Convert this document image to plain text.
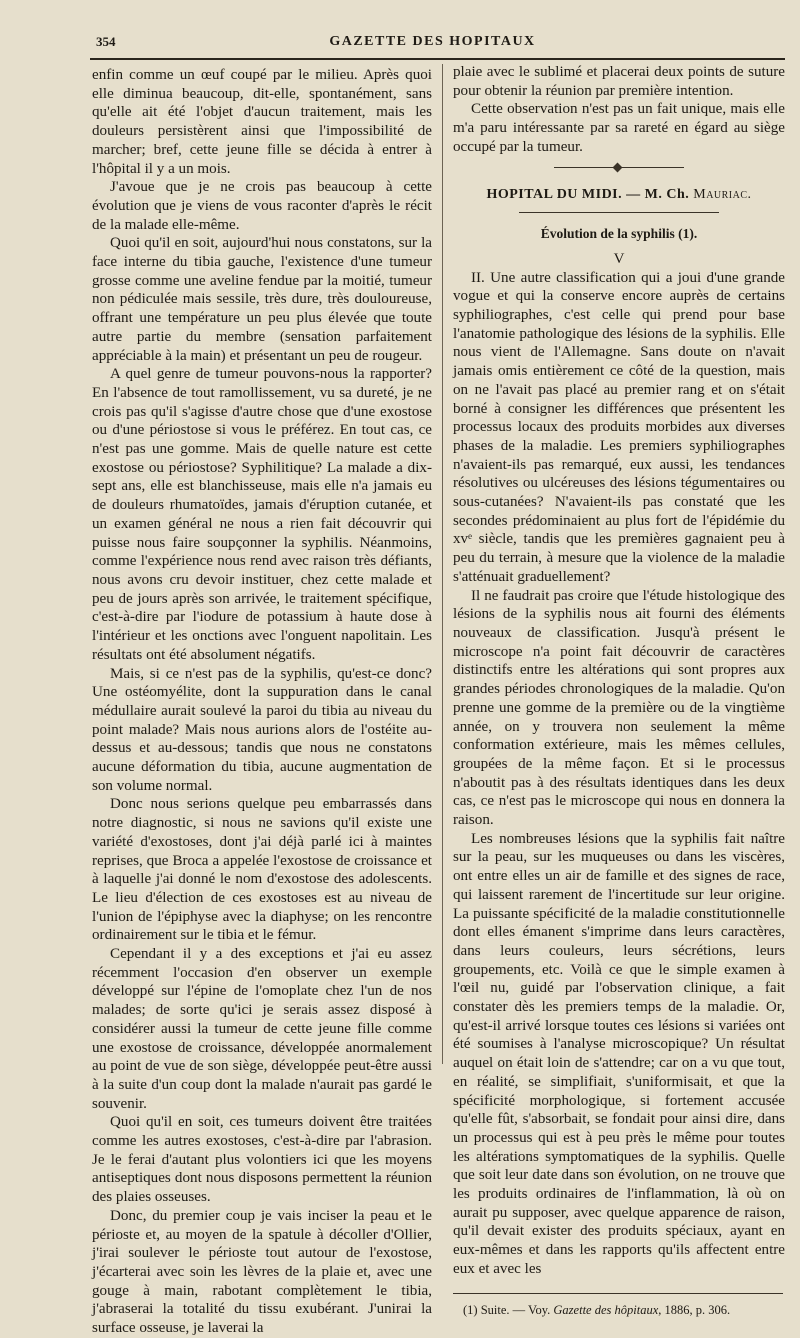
354	GAZETTE DES HOPITAUX

enfin comme un œuf coupé par le milieu. Après quoi elle diminua beaucoup, dit-elle, spontanément, sans qu'elle ait été l'objet d'aucun traitement, mais les douleurs persistèrent ainsi que l'impossibilité de marcher; bref, cette jeune fille se décida à entrer à l'hôpital il y a un mois.

J'avoue que je ne crois pas beaucoup à cette évolution que je viens de vous raconter d'après le récit de la malade elle-même.

Quoi qu'il en soit, aujourd'hui nous constatons, sur la face interne du tibia gauche, l'existence d'une tumeur grosse comme une aveline fendue par la moitié, tumeur non pédiculée mais sessile, très dure, très douloureuse, offrant une température un peu plus élevée que toute autre partie du membre (sensation parfaitement appréciable à la main) et présentant un peu de rougeur.

A quel genre de tumeur pouvons-nous la rapporter? En l'absence de tout ramollissement, vu sa dureté, je ne crois pas qu'il s'agisse d'autre chose que d'une exostose ou d'une périostose si vous le préférez. En tout cas, ce n'est pas une gomme. Mais de quelle nature est cette exostose ou périostose? Syphilitique? La malade a dix-sept ans, elle est blanchisseuse, mais elle n'a jamais eu de douleurs rhumatoïdes, jamais d'éruption cutanée, et un examen général ne nous a rien fait découvrir qui puisse nous faire soupçonner la syphilis. Néanmoins, comme l'expérience nous rend avec raison très défiants, nous avons cru devoir instituer, chez cette malade et peu de jours après son arrivée, le traitement spécifique, c'est-à-dire par l'iodure de potassium à haute dose à l'intérieur et les onctions avec l'onguent napolitain. Les résultats ont été absolument négatifs.

Mais, si ce n'est pas de la syphilis, qu'est-ce donc? Une ostéomyélite, dont la suppuration dans le canal médullaire aurait soulevé la paroi du tibia au niveau du point malade? Mais nous aurions alors de l'ostéite au-dessus et au-dessous; tandis que nous ne constatons aucune déformation du tibia, aucune augmentation de son volume normal.

Donc nous serions quelque peu embarrassés dans notre diagnostic, si nous ne savions qu'il existe une variété d'exostoses, dont j'ai déjà parlé ici à maintes reprises, que Broca a appelée l'exostose de croissance et à laquelle j'ai donné le nom d'exostose des adolescents. Le lieu d'élection de ces exostoses est au niveau de l'union de l'épiphyse avec la diaphyse; on les rencontre ordinairement sur le tibia et le fémur.

Cependant il y a des exceptions et j'ai eu assez récemment l'occasion d'en observer un exemple développé sur l'épine de l'omoplate chez l'un de nos malades; de sorte qu'ici je serais assez disposé à considérer aussi la tumeur de cette jeune fille comme une exostose de croissance, développée anormalement au point de vue de son siège, développée peut-être aussi à la suite d'un coup dont la malade n'aurait pas gardé le souvenir.

Quoi qu'il en soit, ces tumeurs doivent être traitées comme les autres exostoses, c'est-à-dire par l'abrasion. Je le ferai d'autant plus volontiers ici que les moyens antiseptiques dont nous disposons permettent la réunion des plaies osseuses.

Donc, du premier coup je vais inciser la peau et le périoste et, au moyen de la spatule à décoller d'Ollier, j'irai soulever le périoste tout autour de l'exostose, j'écarterai avec soin les lèvres de la plaie et, avec une gouge à main, rabotant complètement le tibia, j'abraserai la totalité du tissu exubérant. J'unirai la surface osseuse, je laverai la

plaie avec le sublimé et placerai deux points de suture pour obtenir la réunion par première intention.

Cette observation n'est pas un fait unique, mais elle m'a paru intéressante par sa rareté en égard au siège occupé par la tumeur.

HOPITAL DU MIDI. — M. Ch. Mauriac.
Évolution de la syphilis (1).
V

II. Une autre classification qui a joui d'une grande vogue et qui la conserve encore auprès de certains syphiliographes, c'est celle qui prend pour base l'anatomie pathologique des lésions de la syphilis. Elle nous vient de l'Allemagne. Sans doute on n'avait jamais omis entièrement ce côté de la question, mais on ne l'avait pas placé au premier rang et on s'était borné à consigner les différences que présentent les processus locaux des produits morbides aux diverses phases de la maladie. Les premiers syphiliographes n'avaient-ils pas remarqué, eux aussi, les tendances résolutives ou ulcéreuses des lésions tégumentaires ou sous-cutanées? N'avaient-ils pas constaté que les secondes prédominaient au plus fort de l'épidémie du xvᵉ siècle, tandis que les premières gagnaient peu à peu du terrain, à mesure que la violence de la maladie s'atténuait graduellement?

Il ne faudrait pas croire que l'étude histologique des lésions de la syphilis nous ait fourni des éléments nouveaux de classification. Jusqu'à présent le microscope n'a point fait découvrir de caractères distinctifs entre les altérations qui sont propres aux grandes périodes chronologiques de la maladie. Qu'on prenne une gomme de la première ou de la vingtième année, on y trouvera non seulement la même conformation extérieure, mais les mêmes cellules, groupées de la même façon. Et si le processus n'aboutit pas à des résultats identiques dans les deux cas, ce n'est pas le microscope qui nous en donnera la raison.

Les nombreuses lésions que la syphilis fait naître sur la peau, sur les muqueuses ou dans les viscères, ont entre elles un air de famille et des signes de race, qui laissent rarement de l'incertitude sur leur origine. La puissante spécificité de la maladie constitutionnelle dont elles émanent s'imprime dans leurs caractères, dans leurs couleurs, leurs sécrétions, leurs groupements, etc. Voilà ce que le simple examen à l'œil nu, guidé par l'observation clinique, a fait constater dès les premiers temps de la maladie. Or, qu'est-il arrivé lorsque toutes ces lésions si variées ont été soumises à l'analyse microscopique? Un résultat auquel on était loin de s'attendre; car on a vu que tout, en réalité, se simplifiait, s'uniformisait, et que la spécificité morphologique, si fortement accusée qu'elle fût, s'absorbait, se fondait pour ainsi dire, dans un processus qui est à peu près le même pour toutes les altérations symptomatiques de la syphilis. Quelle que soit leur date dans son évolution, on ne trouve que les produits ordinaires de l'inflammation, là où on aurait pu supposer, avec quelque apparence de raison, qu'il devait exister des produits spéciaux, ayant en eux-mêmes et dans les rapports qu'ils affectent entre eux et avec les

(1) Suite. — Voy. Gazette des hôpitaux, 1886, p. 306.
